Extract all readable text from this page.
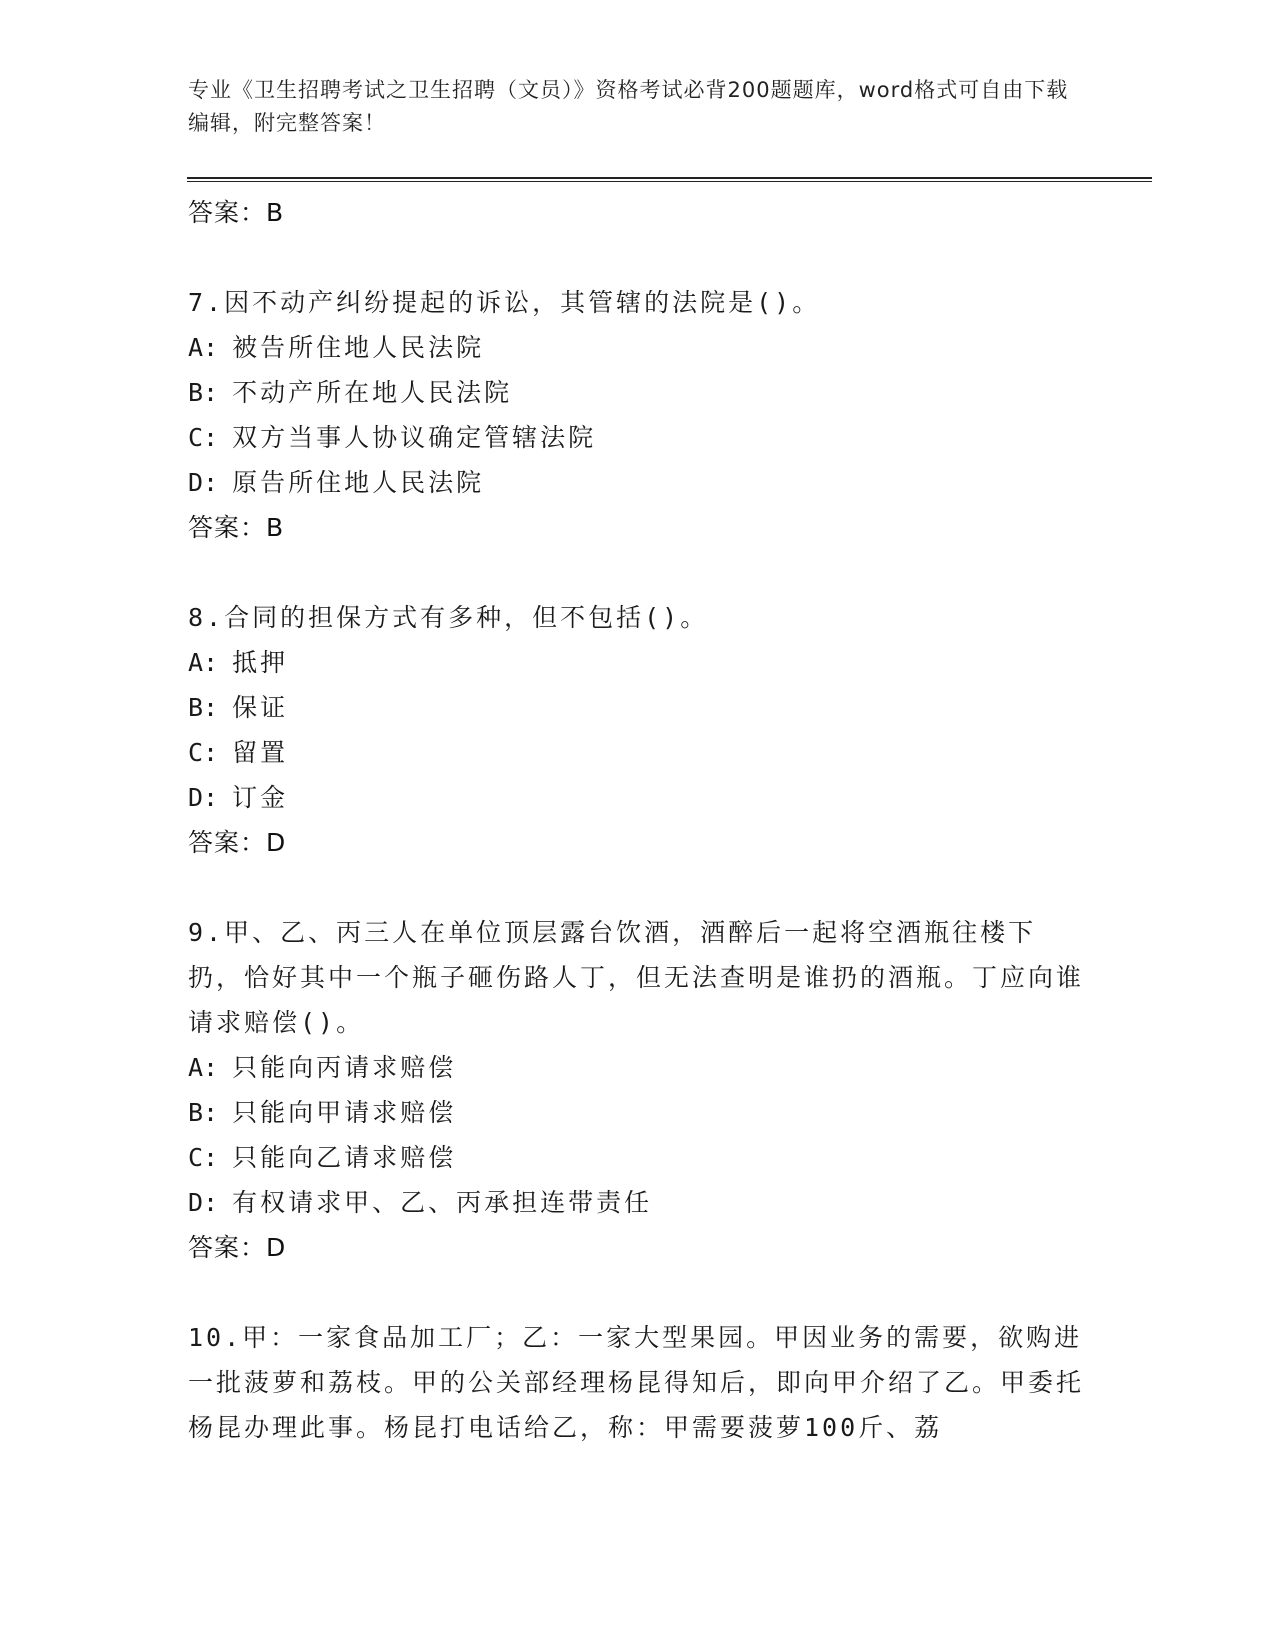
专业《卫生招聘考试之卫生招聘（文员）》资格考试必背200题题库，word格式可自由下载编辑，附完整答案！
答案：B
7.因不动产纠纷提起的诉讼，其管辖的法院是()。
A: 被告所住地人民法院
B: 不动产所在地人民法院
C: 双方当事人协议确定管辖法院
D: 原告所住地人民法院
答案：B
8.合同的担保方式有多种，但不包括()。
A: 抵押
B: 保证
C: 留置
D: 订金
答案：D
9.甲、乙、丙三人在单位顶层露台饮酒，酒醉后一起将空酒瓶往楼下扔，恰好其中一个瓶子砸伤路人丁，但无法查明是谁扔的酒瓶。丁应向谁请求赔偿()。
A: 只能向丙请求赔偿
B: 只能向甲请求赔偿
C: 只能向乙请求赔偿
D: 有权请求甲、乙、丙承担连带责任
答案：D
10.甲：一家食品加工厂；乙：一家大型果园。甲因业务的需要，欲购进一批菠萝和荔枝。甲的公关部经理杨昆得知后，即向甲介绍了乙。甲委托杨昆办理此事。杨昆打电话给乙，称：甲需要菠萝100斤、荔
